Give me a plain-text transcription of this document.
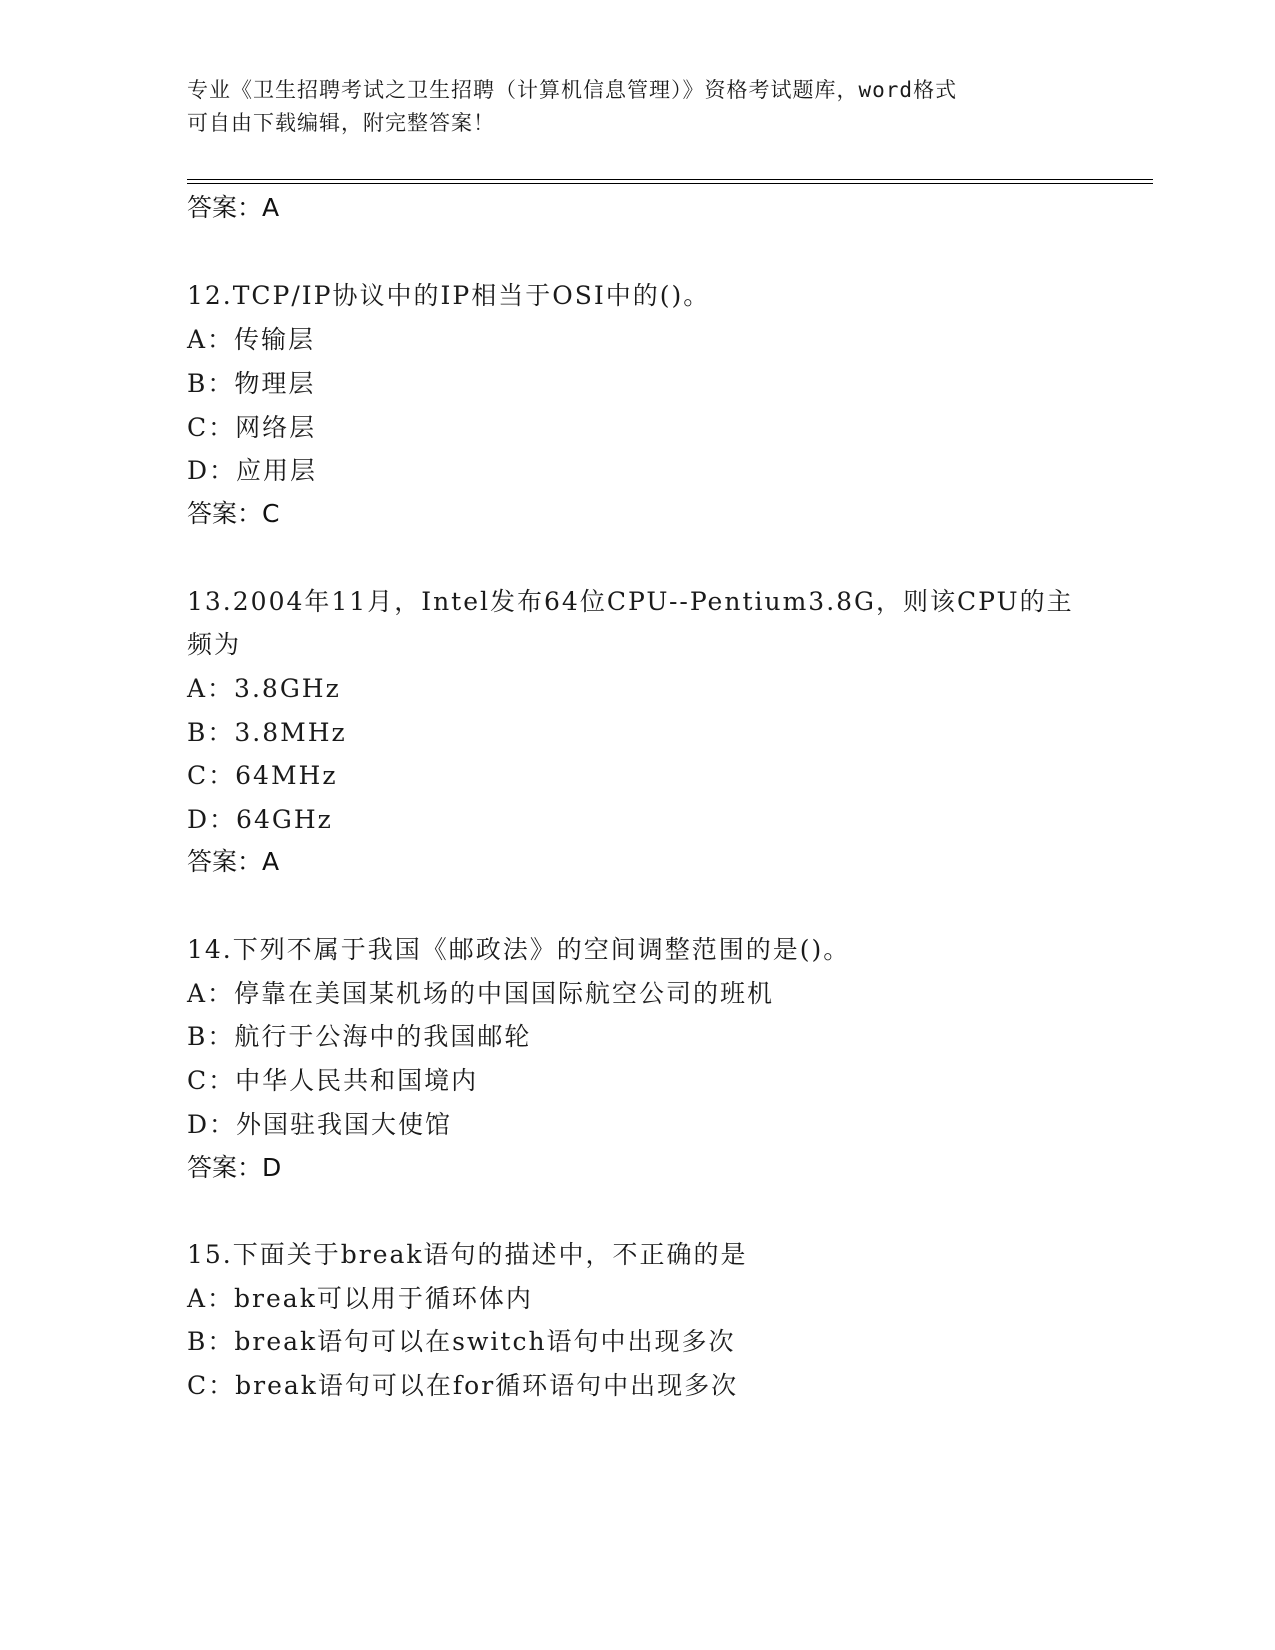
专业《卫生招聘考试之卫生招聘（计算机信息管理）》资格考试题库，word格式
可自由下载编辑，附完整答案！
答案：A
12.TCP/IP协议中的IP相当于OSI中的()。
A：传输层
B：物理层
C：网络层
D：应用层
答案：C
13.2004年11月，Intel发布64位CPU--Pentium3.8G，则该CPU的主
频为
A：3.8GHz
B：3.8MHz
C：64MHz
D：64GHz
答案：A
14.下列不属于我国《邮政法》的空间调整范围的是()。
A：停靠在美国某机场的中国国际航空公司的班机
B：航行于公海中的我国邮轮
C：中华人民共和国境内
D：外国驻我国大使馆
答案：D
15.下面关于break语句的描述中，不正确的是
A：break可以用于循环体内
B：break语句可以在switch语句中出现多次
C：break语句可以在for循环语句中出现多次
